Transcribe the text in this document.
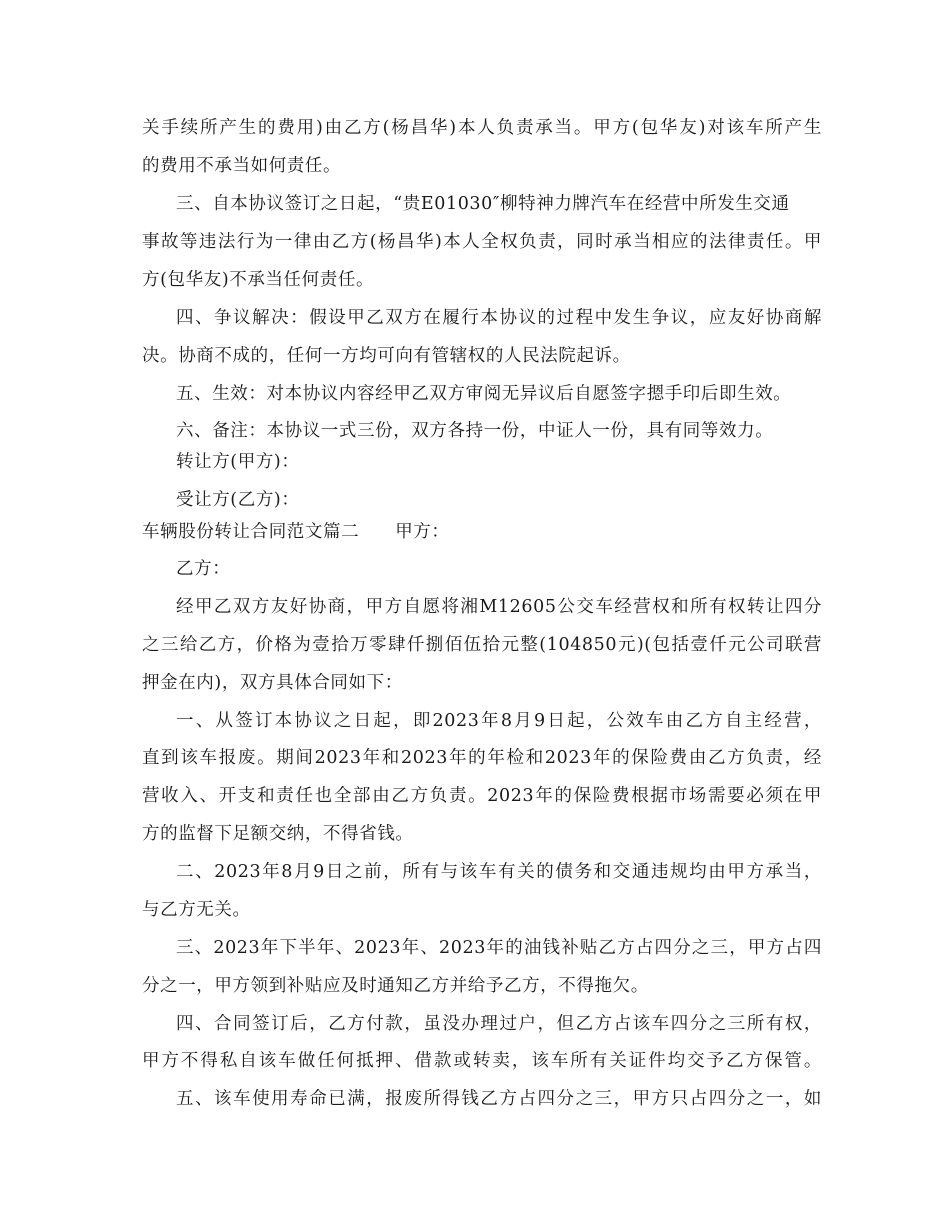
关手续所产生的费用)由乙方(杨昌华)本人负责承当。甲方(包华友)对该车所产生
的费用不承当如何责任。
三、自本协议签订之日起，“贵E01030″柳特神力牌汽车在经营中所发生交通
事故等违法行为一律由乙方(杨昌华)本人全权负责，同时承当相应的法律责任。甲
方(包华友)不承当任何责任。
四、争议解决：假设甲乙双方在履行本协议的过程中发生争议，应友好协商解
决。协商不成的，任何一方均可向有管辖权的人民法院起诉。
五、生效：对本协议内容经甲乙双方审阅无异议后自愿签字摁手印后即生效。
六、备注：本协议一式三份，双方各持一份，中证人一份，具有同等效力。
转让方(甲方)：
受让方(乙方)：
车辆股份转让合同范文篇二 甲方：
乙方：
经甲乙双方友好协商，甲方自愿将湘M12605公交车经营权和所有权转让四分
之三给乙方，价格为壹拾万零肆仟捌佰伍拾元整(104850元)(包括壹仟元公司联营
押金在内)，双方具体合同如下：
一、从签订本协议之日起，即2023年8月9日起，公效车由乙方自主经营，
直到该车报废。期间2023年和2023年的年检和2023年的保险费由乙方负责，经
营收入、开支和责任也全部由乙方负责。2023年的保险费根据市场需要必须在甲
方的监督下足额交纳，不得省钱。
二、2023年8月9日之前，所有与该车有关的债务和交通违规均由甲方承当，
与乙方无关。
三、2023年下半年、2023年、2023年的油钱补贴乙方占四分之三，甲方占四
分之一，甲方领到补贴应及时通知乙方并给予乙方，不得拖欠。
四、合同签订后，乙方付款，虽没办理过户，但乙方占该车四分之三所有权，
甲方不得私自该车做任何抵押、借款或转卖，该车所有关证件均交予乙方保管。
五、该车使用寿命已满，报废所得钱乙方占四分之三，甲方只占四分之一，如
